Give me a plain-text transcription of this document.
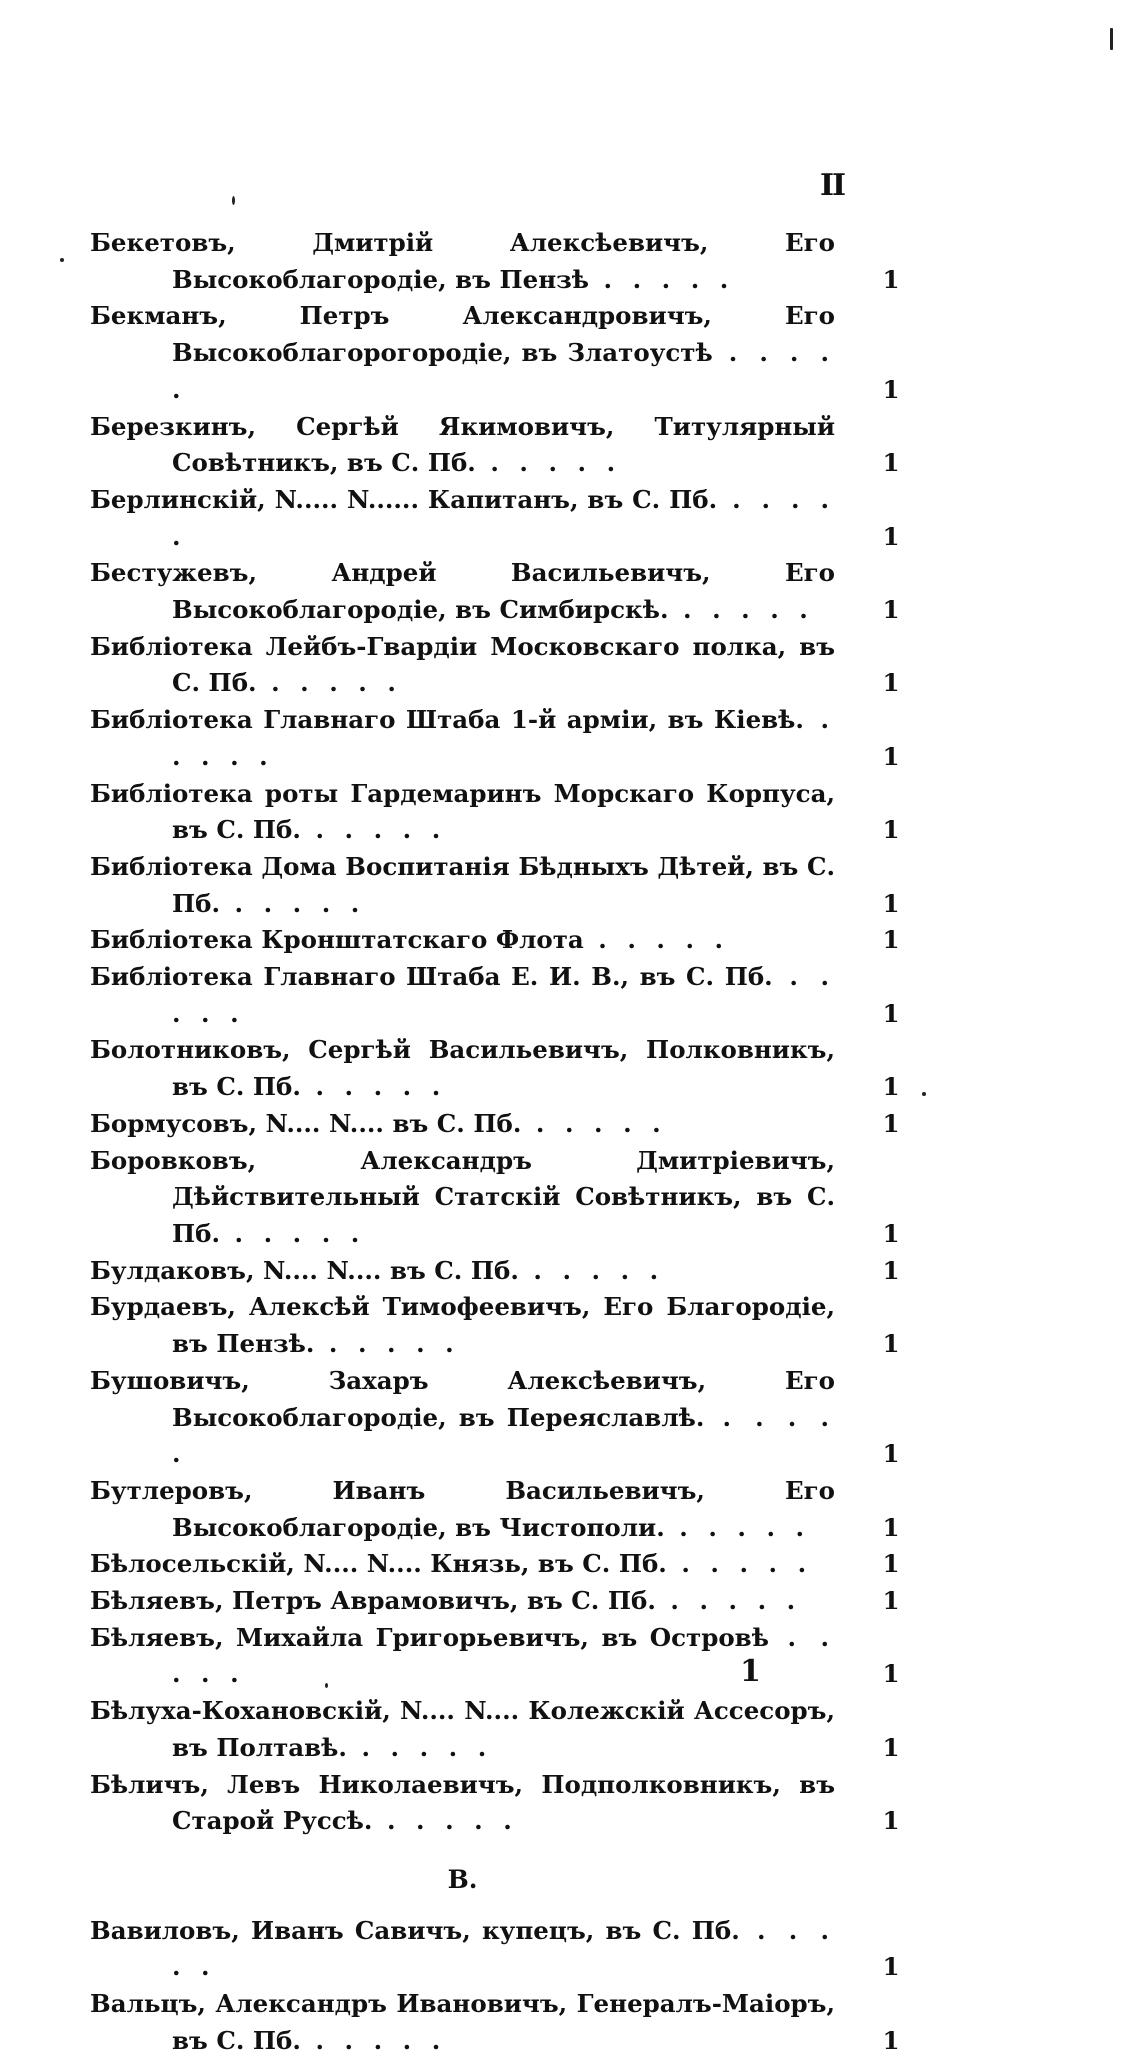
II
Бекетовъ, Дмитрій Алексѣевичъ, Его Высокоблагородіе, въ Пензѣ . . . . .	1
Бекманъ, Петръ Александровичъ, Его Высокоблагорогородіе, въ Златоустѣ . . . . .	1
Березкинъ, Сергѣй Якимовичъ, Титулярный Совѣтникъ, въ С. Пб. . . . . .	1
Берлинскій, N..... N...... Капитанъ, въ С. Пб. . . . . .	1
Бестужевъ, Андрей Васильевичъ, Его Высокоблагородіе, въ Симбирскѣ. . . . . .	1
Библіотека Лейбъ-Гвардіи Московскаго полка, въ С. Пб. . . . . .	1
Библіотека Главнаго Штаба 1-й арміи, въ Кіевѣ. . . . . .	1
Библіотека роты Гардемаринъ Морскаго Корпуса, въ С. Пб. . . . . .	1
Библіотека Дома Воспитанія Бѣдныхъ Дѣтей, въ С. Пб. . . . . .	1
Библіотека Кронштатскаго Флота . . . . .	1
Библіотека Главнаго Штаба Е. И. В., въ С. Пб. . . . . .	1
Болотниковъ, Сергѣй Васильевичъ, Полковникъ, въ С. Пб. . . . . .	1
Бормусовъ, N.... N.... въ С. Пб. . . . . .	1
Боровковъ, Александръ Дмитріевичъ, Дѣйствительный Статскій Совѣтникъ, въ С. Пб. . . . . .	1
Булдаковъ, N.... N.... въ С. Пб. . . . . .	1
Бурдаевъ, Алексѣй Тимофеевичъ, Его Благородіе, въ Пензѣ. . . . . .	1
Бушовичъ, Захаръ Алексѣевичъ, Его Высокоблагородіе, въ Переяславлѣ. . . . . .	1
Бутлеровъ, Иванъ Васильевичъ, Его Высокоблагородіе, въ Чистополи. . . . . .	1
Бѣлосельскій, N.... N.... Князь, въ С. Пб. . . . . .	1
Бѣляевъ, Петръ Аврамовичъ, въ С. Пб. . . . . .	1
Бѣляевъ, Михайла Григорьевичъ, въ Островѣ . . . . .	1
Бѣлуха-Кохановскій, N.... N.... Колежскій Ассесоръ, въ Полтавѣ. . . . . .	1
Бѣличъ, Левъ Николаевичъ, Подполковникъ, въ Старой Руссѣ. . . . . .	1
В.
Вавиловъ, Иванъ Савичъ, купецъ, въ С. Пб. . . . . .	1
Вальцъ, Александръ Ивановичъ, Генералъ-Маіоръ, въ С. Пб. . . . . .	1
1
